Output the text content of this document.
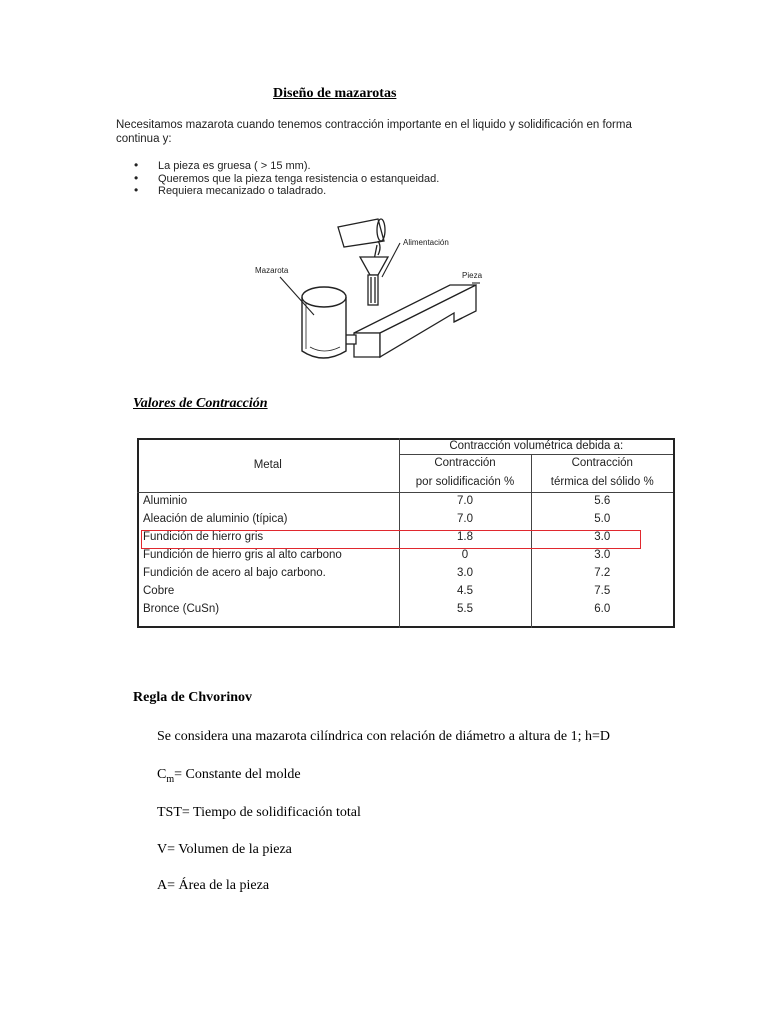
Diseño de mazarotas
Necesitamos mazarota cuando tenemos contracción importante en el liquido y solidificación en forma continua y:
• La pieza es gruesa ( > 15 mm).
• Queremos que la pieza tenga resistencia o estanqueidad.
• Requiera mecanizado o taladrado.
Alimentación
Mazarota
Pieza
Valores de Contracción
Metal	Contracción volumétrica debida a:	
	Contracción	Contracción
	por solidificación %	térmica del sólido %
Aluminio	7.0	5.6
Aleación de aluminio (típica)	7.0	5.0
Fundición de hierro gris	1.8	3.0
Fundición de hierro gris al alto carbono	0	3.0
Fundición de acero al bajo carbono.	3.0	7.2
Cobre	4.5	7.5
Bronce (CuSn)	5.5	6.0

Regla de Chvorinov
Se considera una mazarota cilíndrica con relación de diámetro a altura de 1; h=D
$C_m=$ Constante del molde
TST= Tiempo de solidificación total
V= Volumen de la pieza
A= Área de la pieza
